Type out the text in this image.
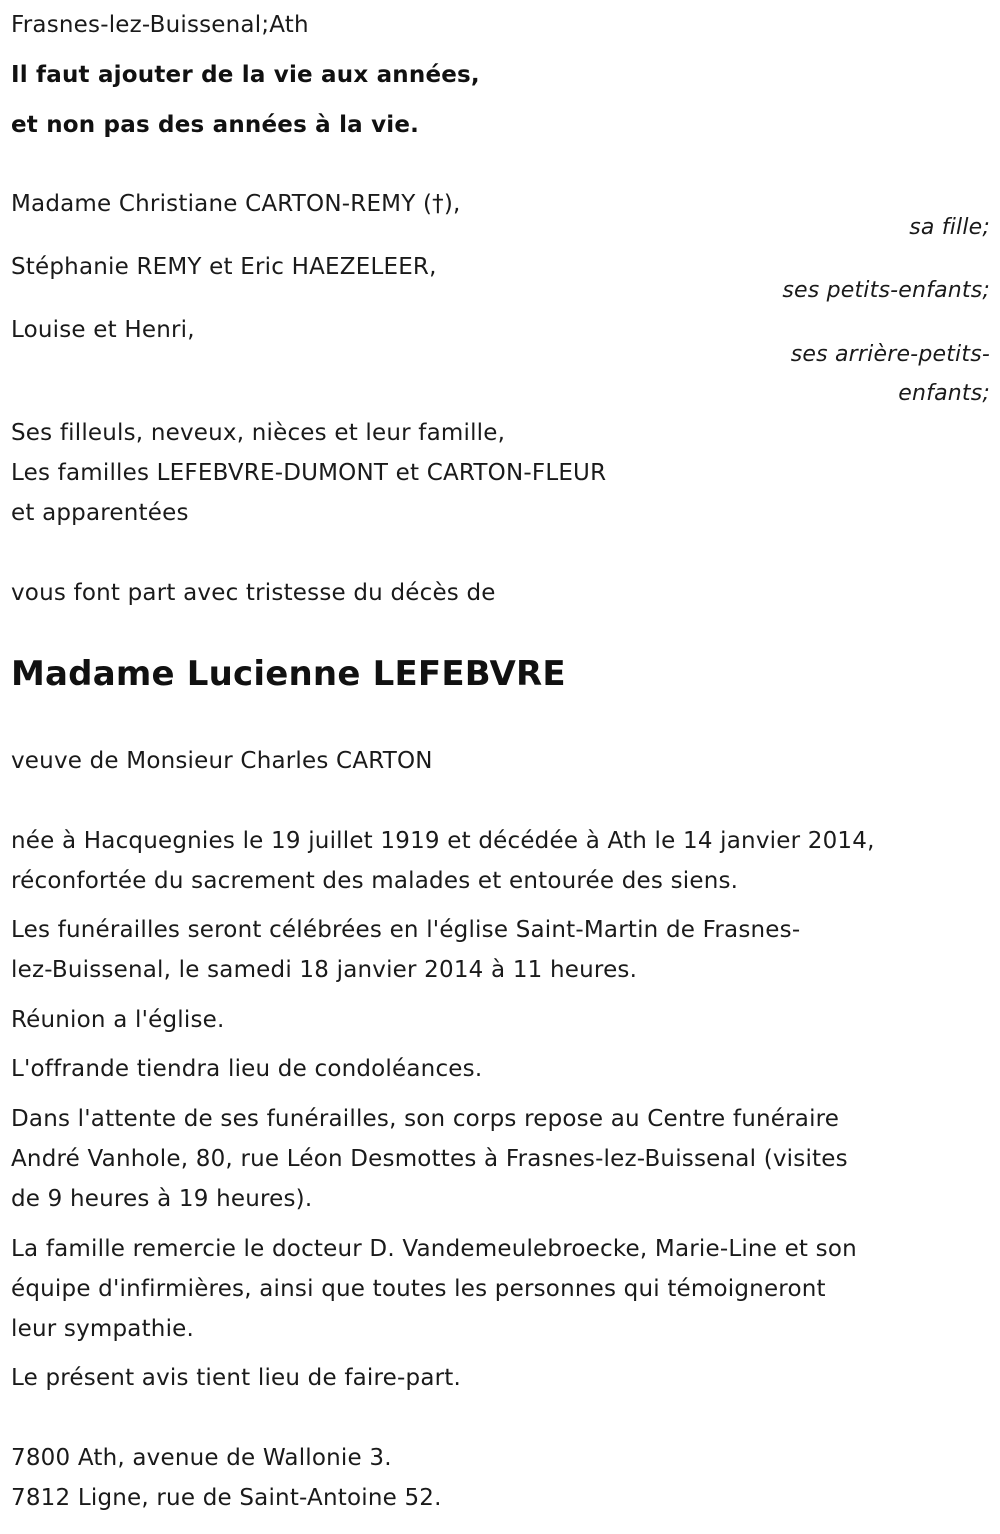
Frasnes-lez-Buissenal;Ath
Il faut ajouter de la vie aux années,
et non pas des années à la vie.
Madame Christiane CARTON-REMY (†),
sa fille;
Stéphanie REMY et Eric HAEZELEER,
ses petits-enfants;
Louise et Henri,
ses arrière-petits-
enfants;
Ses filleuls, neveux, nièces et leur famille,
Les familles LEFEBVRE-DUMONT et CARTON-FLEUR
et apparentées
vous font part avec tristesse du décès de
Madame Lucienne LEFEBVRE
veuve de Monsieur Charles CARTON
née à Hacquegnies le 19 juillet 1919 et décédée à Ath le 14 janvier 2014,
réconfortée du sacrement des malades et entourée des siens.
Les funérailles seront célébrées en l'église Saint-Martin de Frasnes-
lez-Buissenal, le samedi 18 janvier 2014 à 11 heures.
Réunion a l'église.
L'offrande tiendra lieu de condoléances.
Dans l'attente de ses funérailles, son corps repose au Centre funéraire
André Vanhole, 80, rue Léon Desmottes à Frasnes-lez-Buissenal (visites
de 9 heures à 19 heures).
La famille remercie le docteur D. Vandemeulebroecke, Marie-Line et son
équipe d'infirmières, ainsi que toutes les personnes qui témoigneront
leur sympathie.
Le présent avis tient lieu de faire-part.
7800 Ath, avenue de Wallonie 3.
7812 Ligne, rue de Saint-Antoine 52.
